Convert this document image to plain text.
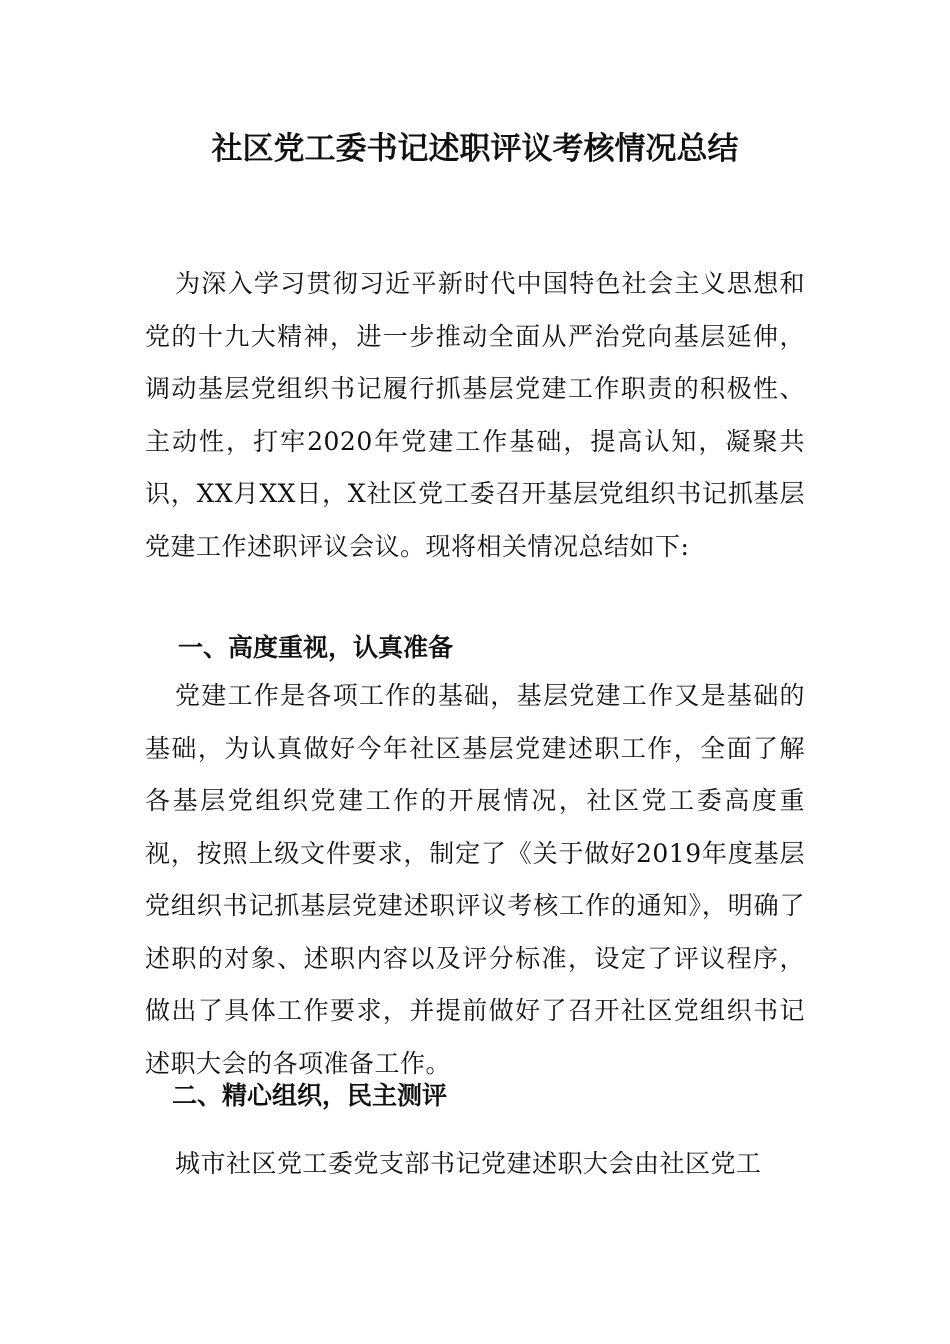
社区党工委书记述职评议考核情况总结

为深入学习贯彻习近平新时代中国特色社会主义思想和党的十九大精神，进一步推动全面从严治党向基层延伸，调动基层党组织书记履行抓基层党建工作职责的积极性、主动性，打牢2020年党建工作基础，提高认知，凝聚共识，XX月XX日，X社区党工委召开基层党组织书记抓基层党建工作述职评议会议。现将相关情况总结如下:

一、高度重视，认真准备

党建工作是各项工作的基础，基层党建工作又是基础的基础，为认真做好今年社区基层党建述职工作，全面了解各基层党组织党建工作的开展情况，社区党工委高度重视，按照上级文件要求，制定了《关于做好2019年度基层党组织书记抓基层党建述职评议考核工作的通知》，明确了述职的对象、述职内容以及评分标准，设定了评议程序，做出了具体工作要求，并提前做好了召开社区党组织书记述职大会的各项准备工作。

二、精心组织，民主测评

城市社区党工委党支部书记党建述职大会由社区党工
